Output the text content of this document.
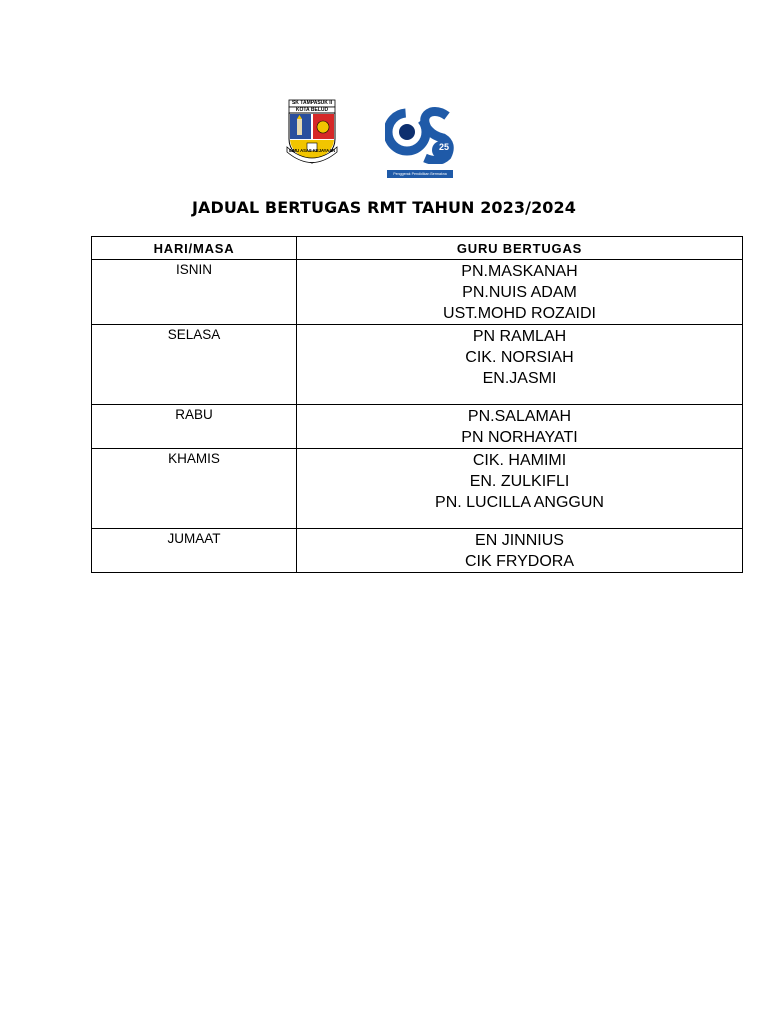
SK TAMPASUK II
KOTA BELUD
ILMU ASAS KEJAYAAN	25
Penggerak Pendidikan Bermakna
JADUAL BERTUGAS RMT TAHUN 2023/2024
HARI/MASA	GURU BERTUGAS
ISNIN	PN.MASKANAH
PN.NUIS ADAM
UST.MOHD ROZAIDI

SELASA	PN RAMLAH
CIK. NORSIAH
EN.JASMI

RABU	PN.SALAMAH
PN NORHAYATI

KHAMIS	CIK. HAMIMI
EN. ZULKIFLI
PN. LUCILLA ANGGUN

JUMAAT	EN JINNIUS
CIK FRYDORA
